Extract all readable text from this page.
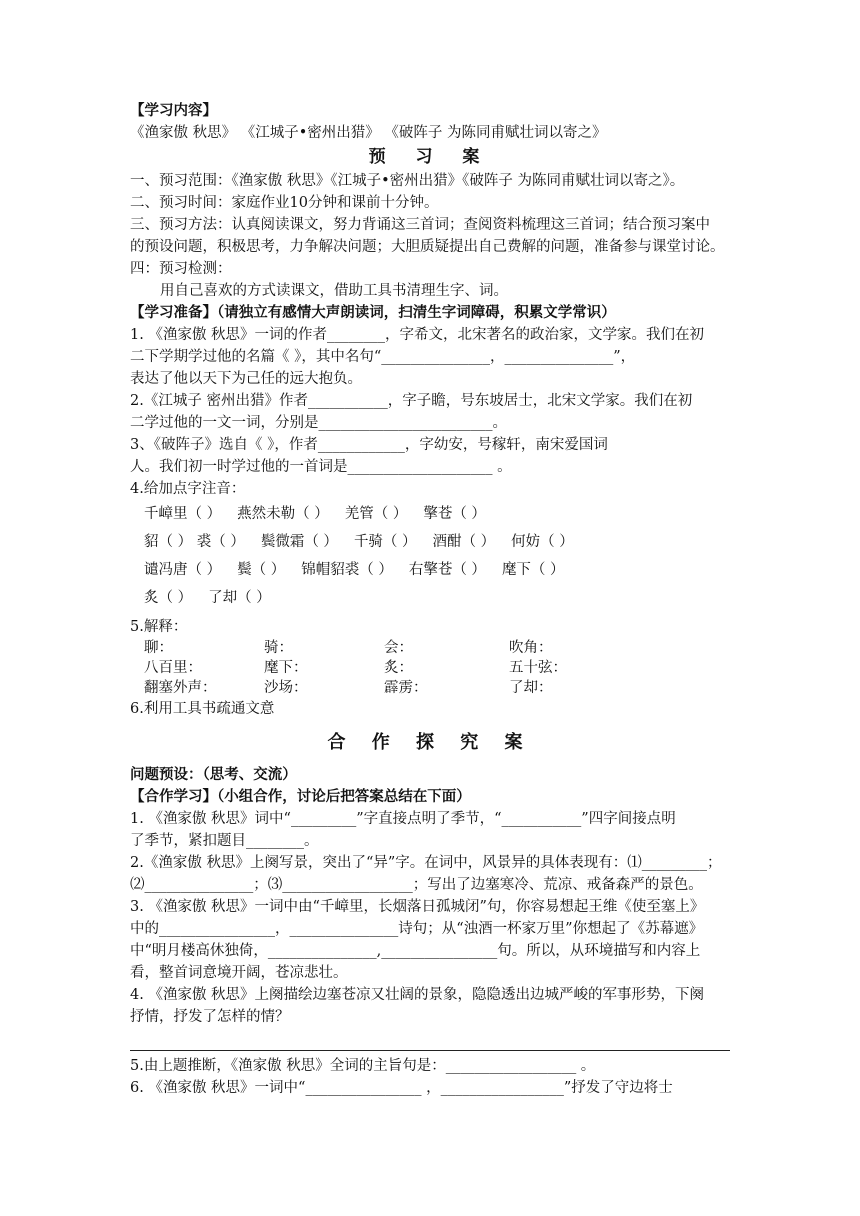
【学习内容】
《渔家傲 秋思》 《江城子•密州出猎》 《破阵子 为陈同甫赋壮词以寄之》
预 习 案
一、预习范围：《渔家傲 秋思》《江城子•密州出猎》《破阵子 为陈同甫赋壮词以寄之》。
二、预习时间：家庭作业10分钟和课前十分钟。
三、预习方法：认真阅读课文，努力背诵这三首词；查阅资料梳理这三首词；结合预习案中
的预设问题，积极思考，力争解决问题；大胆质疑提出自己费解的问题，准备参与课堂讨论。
四：预习检测：
用自己喜欢的方式读课文，借助工具书清理生字、词。
【学习准备】（请独立有感情大声朗读词，扫清生字词障碍，积累文学常识）
1. 《渔家傲 秋思》一词的作者________，字希文，北宋著名的政治家，文学家。我们在初
二下学期学过他的名篇《 》，其中名句“_______________，_______________”，
表达了他以天下为己任的远大抱负。
2.《江城子 密州出猎》作者___________，字子瞻，号东坡居士，北宋文学家。我们在初
二学过他的一文一词，分别是________________________。
3、《破阵子》选自《 》，作者____________，字幼安，号稼轩，南宋爱国词
人。我们初一时学过他的一首词是____________________ 。
4.给加点字注音：
千嶂里（ ） 燕然未勒（ ） 羌管（ ） 擎苍（ ）
貂（ ） 裘（ ） 鬓微霜（ ） 千骑（ ） 酒酣（ ） 何妨（ ）
谴冯唐（ ） 鬓（ ） 锦帽貂裘（ ） 右擎苍（ ） 麾下（ ）
炙（ ） 了却（ ）
5.解释：
聊：	骑：	会：	吹角：
八百里：	麾下：	炙：	五十弦：
翻塞外声：	沙场：	霹雳：	了却：
6.利用工具书疏通文意
合 作 探 究 案
问题预设：（思考、交流）
【合作学习】（小组合作，讨论后把答案总结在下面）
1. 《渔家傲 秋思》词中“_________”字直接点明了季节，“___________”四字间接点明
了季节，紧扣题目________。
2.《渔家傲 秋思》上阕写景，突出了“异”字。在词中，风景异的具体表现有：⑴_________；
⑵_______________；⑶__________________；写出了边塞寒冷、荒凉、戒备森严的景色。
3. 《渔家傲 秋思》一词中由“千嶂里，长烟落日孤城闭”句，你容易想起王维《使至塞上》
中的________________，_______________诗句；从“浊酒一杯家万里”你想起了《苏幕遮》
中“明月楼高休独倚，_______________,________________句。所以，从环境描写和内容上
看，整首词意境开阔，苍凉悲壮。
4. 《渔家傲 秋思》上阕描绘边塞苍凉又壮阔的景象，隐隐透出边城严峻的军事形势，下阕
抒情，抒发了怎样的情？
5.由上题推断，《渔家傲 秋思》全词的主旨句是：__________________ 。
6. 《渔家傲 秋思》一词中“________________ ，_________________”抒发了守边将士
